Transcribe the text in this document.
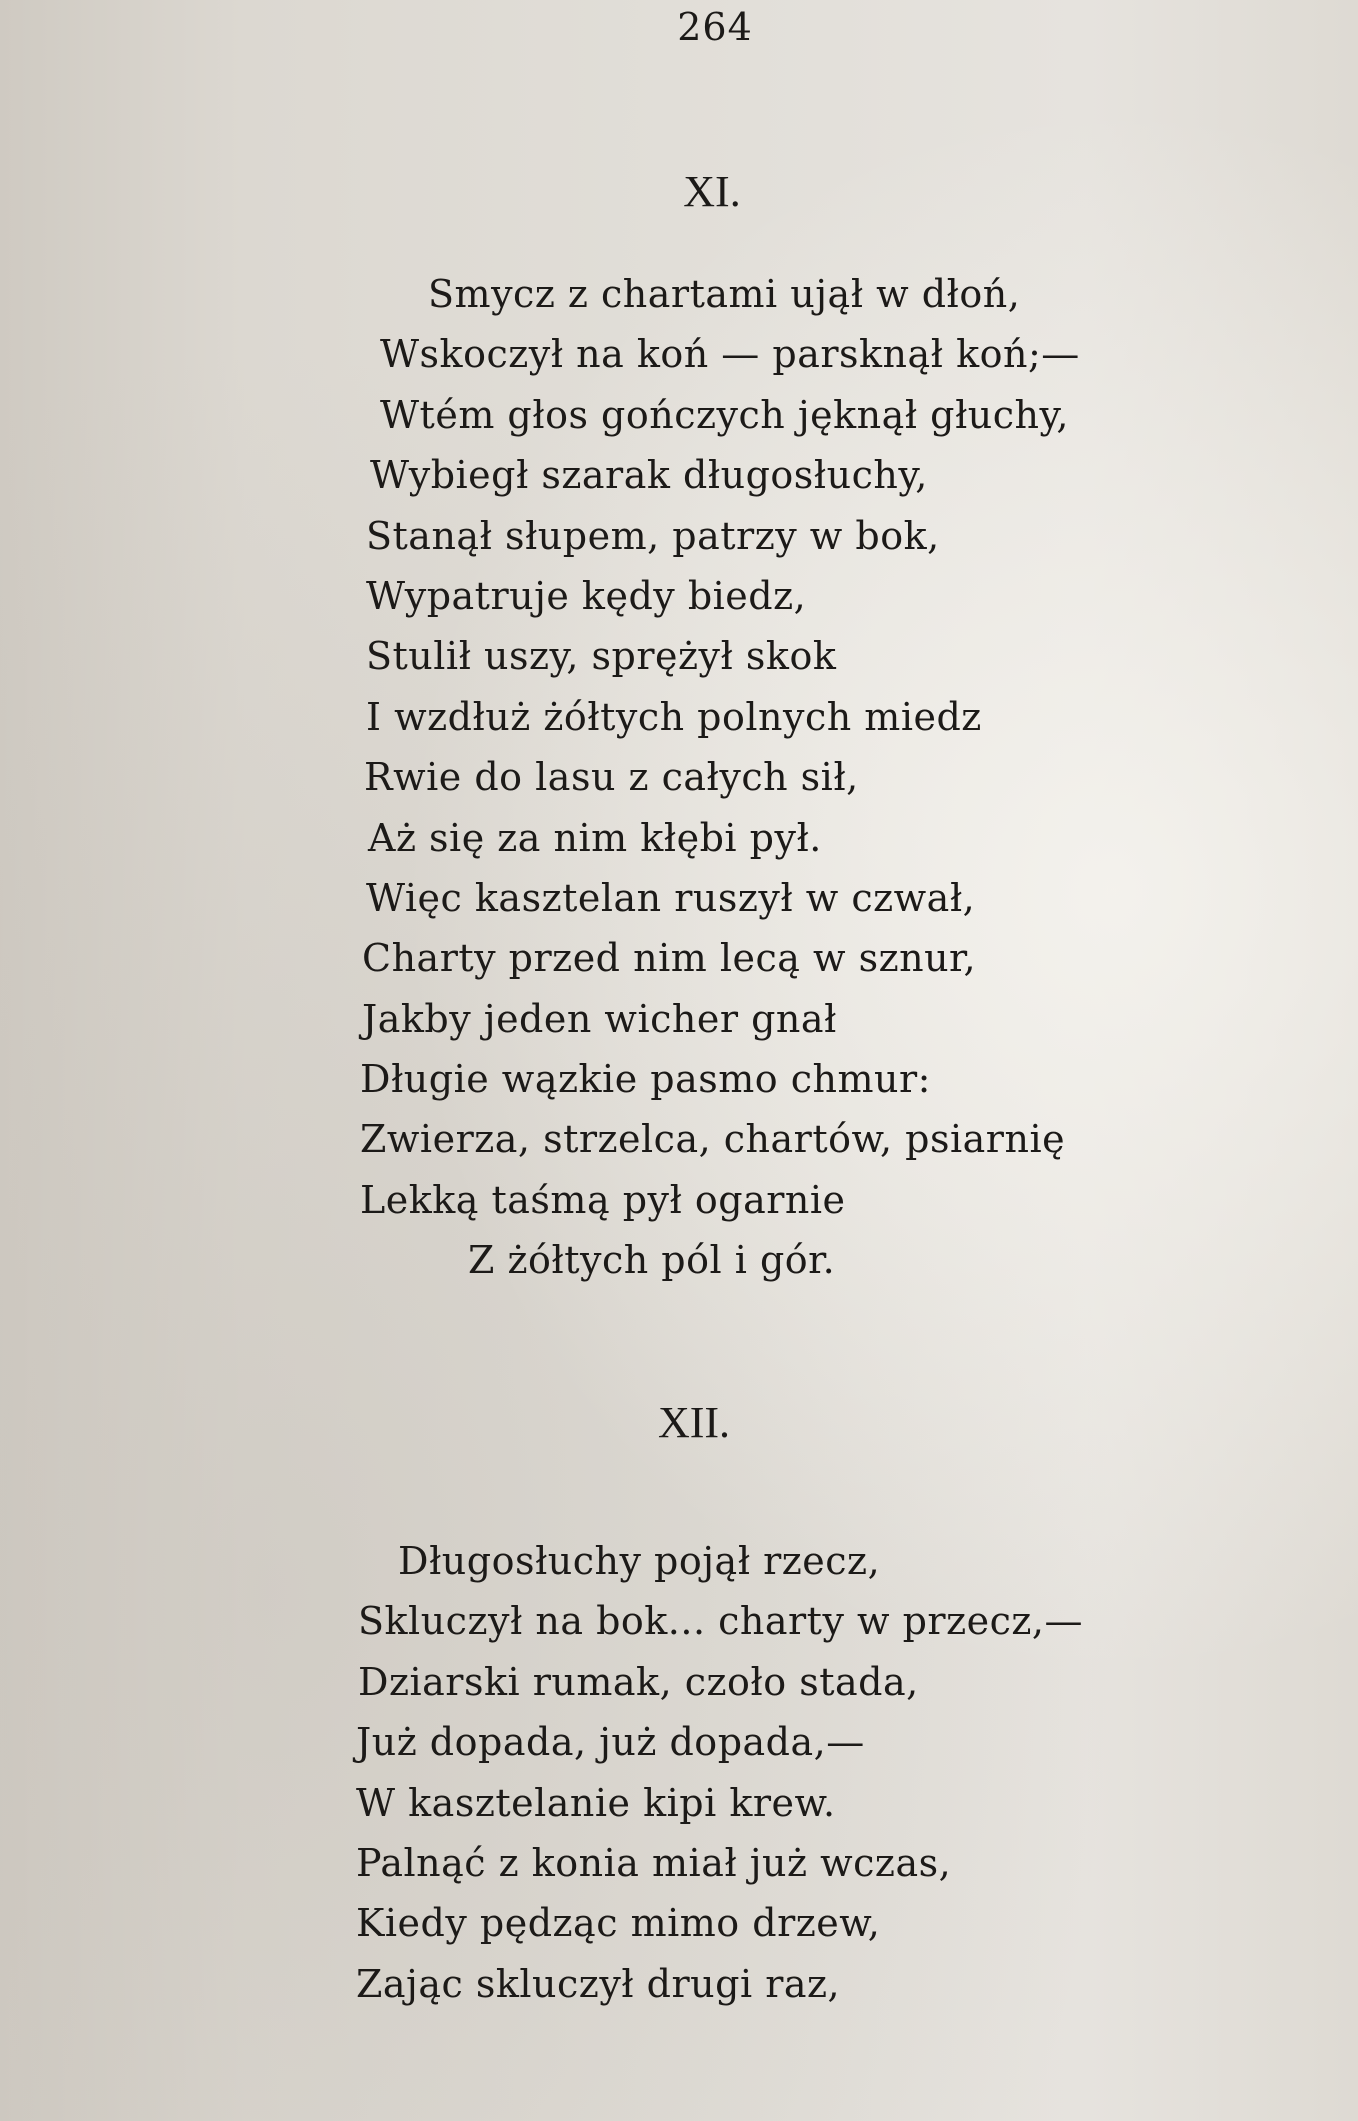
264
XI.
Smycz z chartami ujął w dłoń,
Wskoczył na koń — parsknął koń;—
Wtém głos gończych jęknął głuchy,
Wybiegł szarak długosłuchy,
Stanął słupem, patrzy w bok,
Wypatruje kędy biedz,
Stulił uszy, sprężył skok
I wzdłuż żółtych polnych miedz
Rwie do lasu z całych sił,
Aż się za nim kłębi pył.
Więc kasztelan ruszył w czwał,
Charty przed nim lecą w sznur,
Jakby jeden wicher gnał
Długie wązkie pasmo chmur:
Zwierza, strzelca, chartów, psiarnię
Lekką taśmą pył ogarnie
Z żółtych pól i gór.
XII.
Długosłuchy pojął rzecz,
Skluczył na bok... charty w przecz,—
Dziarski rumak, czoło stada,
Już dopada, już dopada,—
W kasztelanie kipi krew.
Palnąć z konia miał już wczas,
Kiedy pędząc mimo drzew,
Zając skluczył drugi raz,
